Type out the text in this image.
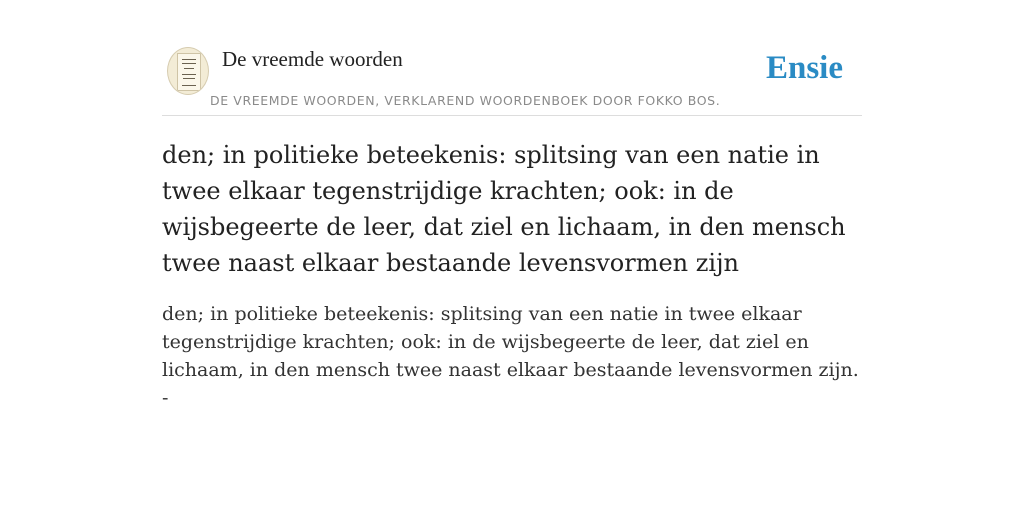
De vreemde woorden
DE VREEMDE WOORDEN, VERKLAREND WOORDENBOEK DOOR FOKKO BOS.
Ensie
den; in politieke beteekenis: splitsing van een natie in twee elkaar tegenstrijdige krachten; ook: in de wijsbegeerte de leer, dat ziel en lichaam, in den mensch twee naast elkaar bestaande levensvormen zijn
den; in politieke beteekenis: splitsing van een natie in twee elkaar tegenstrijdige krachten; ook: in de wijsbegeerte de leer, dat ziel en lichaam, in den mensch twee naast elkaar bestaande levensvormen zijn. -
